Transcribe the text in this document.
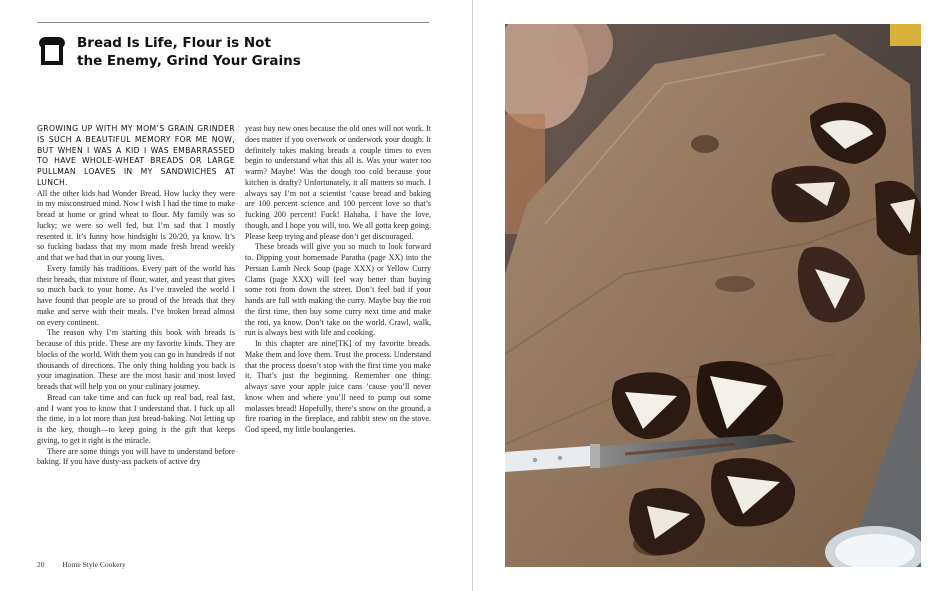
Bread Is Life, Flour is Not
the Enemy, Grind Your Grains

GROWING UP WITH MY MOM’S GRAIN GRINDER IS SUCH A BEAUTIFUL MEMORY FOR ME NOW, BUT WHEN I WAS A KID I WAS EMBARRASSED TO HAVE WHOLE-WHEAT BREADS OR LARGE PULLMAN LOAVES IN MY SANDWICHES AT LUNCH.
All the other kids had Wonder Bread. How lucky they were in my misconstrued mind. Now I wish I had the time to make bread at home or grind wheat to flour. My family was so lucky; we were so well fed, but I’m sad that I mostly resented it. It’s funny how hindsight is 20/20, ya know. It’s so fucking badass that my mom made fresh bread weekly and that we had that in our young lives.

Every family has traditions. Every part of the world has their breads, that mixture of flour, water, and yeast that gives so much back to your home. As I’ve traveled the world I have found that people are so proud of the breads that they make and serve with their meals. I’ve broken bread almost on every continent.

The reason why I’m starting this book with breads is because of this pride. These are my favorite kinds. They are blocks of the world. With them you can go in hundreds if not thousands of directions. The only thing holding you back is your imagination. These are the most basic and most loved breads that will help you on your culinary journey.

Bread can take time and can fuck up real bad, real fast, and I want you to know that I understand that. I fuck up all the time, in a lot more than just bread-baking. Not letting up is the key, though—to keep going is the gift that keeps giving, to get it right is the miracle.

There are some things you will have to understand before baking. If you have dusty-ass packets of active dry

yeast buy new ones because the old ones will not work. It does matter if you overwork or underwork your dough. It definitely takes making breads a couple times to even begin to understand what this all is. Was your water too warm? Maybe! Was the dough too cold because your kitchen is drafty? Unfortunately, it all matters so much. I always say I’m not a scientist ’cause bread and baking are 100 percent science and 100 percent love so that’s fucking 200 percent! Fuck! Hahaha. I have the love, though, and I hope you will, too. We all gotta keep going. Please keep trying and please don’t get discouraged.

These breads will give you so much to look forward to. Dipping your homemade Paratha (page XX) into the Persian Lamb Neck Soup (page XXX) or Yellow Curry Clams (page XXX) will feel way better than buying some roti from down the street. Don’t feel bad if your hands are full with making the curry. Maybe buy the roti the first time, then buy some curry next time and make the roti, ya know. Don’t take on the world. Crawl, walk, run is always best with life and cooking.

In this chapter are nine[TK] of my favorite breads. Make them and love them. Trust the process. Understand that the process doesn’t stop with the first time you make it. That’s just the beginning. Remember one thing: always save your apple juice cans ’cause you’ll never know when and where you’ll need to pump out some molasses bread! Hopefully, there’s snow on the ground, a fire roaring in the fireplace, and rabbit stew on the stove. God speed, my little boulangeries.

20 Home Style Cookery
